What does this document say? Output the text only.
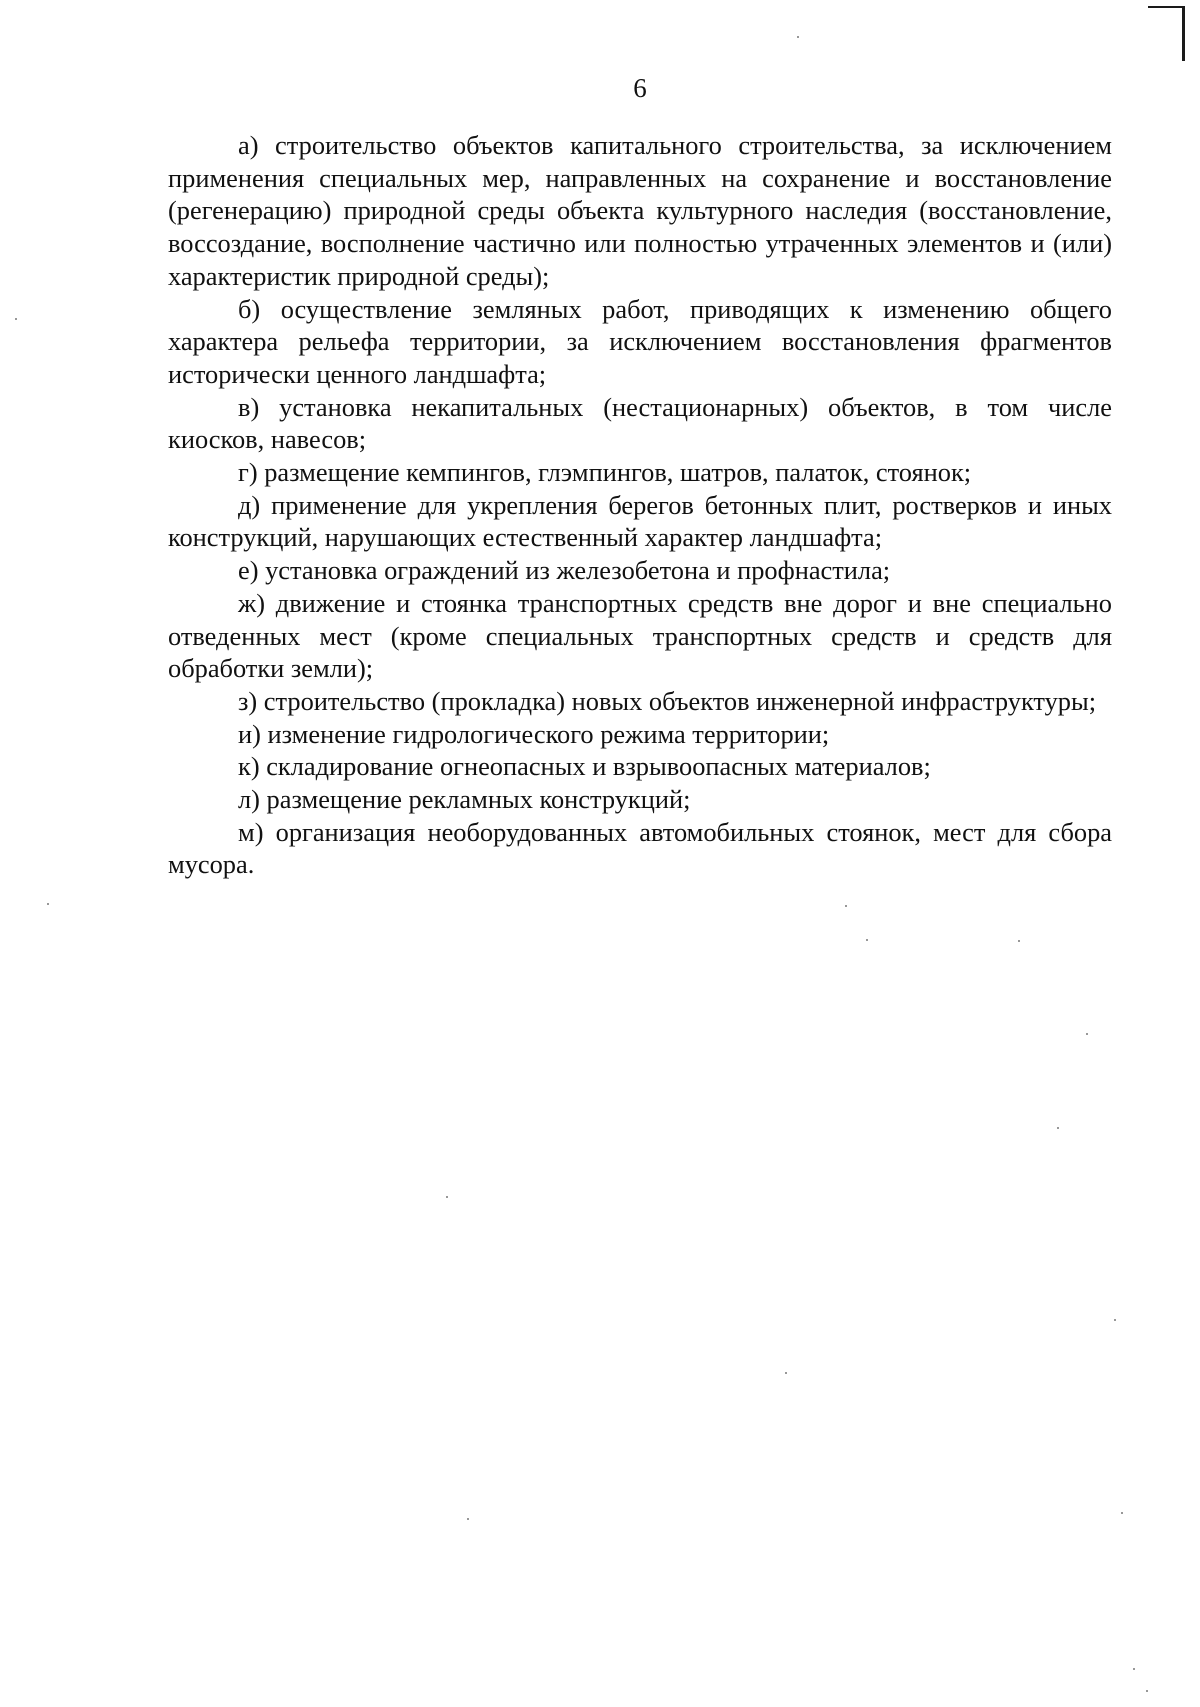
6

а) строительство объектов капитального строительства, за исключением применения специальных мер, направленных на сохранение и восстановление (регенерацию) природной среды объекта культурного наследия (восстановление, воссоздание, восполнение частично или полностью утраченных элементов и (или) характеристик природной среды);

б) осуществление земляных работ, приводящих к изменению общего характера рельефа территории, за исключением восстановления фрагментов исторически ценного ландшафта;

в) установка некапитальных (нестационарных) объектов, в том числе киосков, навесов;

г) размещение кемпингов, глэмпингов, шатров, палаток, стоянок;

д) применение для укрепления берегов бетонных плит, ростверков и иных конструкций, нарушающих естественный характер ландшафта;

е) установка ограждений из железобетона и профнастила;

ж) движение и стоянка транспортных средств вне дорог и вне специально отведенных мест (кроме специальных транспортных средств и средств для обработки земли);

з) строительство (прокладка) новых объектов инженерной инфраструктуры;

и) изменение гидрологического режима территории;

к) складирование огнеопасных и взрывоопасных материалов;

л) размещение рекламных конструкций;

м) организация необорудованных автомобильных стоянок, мест для сбора мусора.
